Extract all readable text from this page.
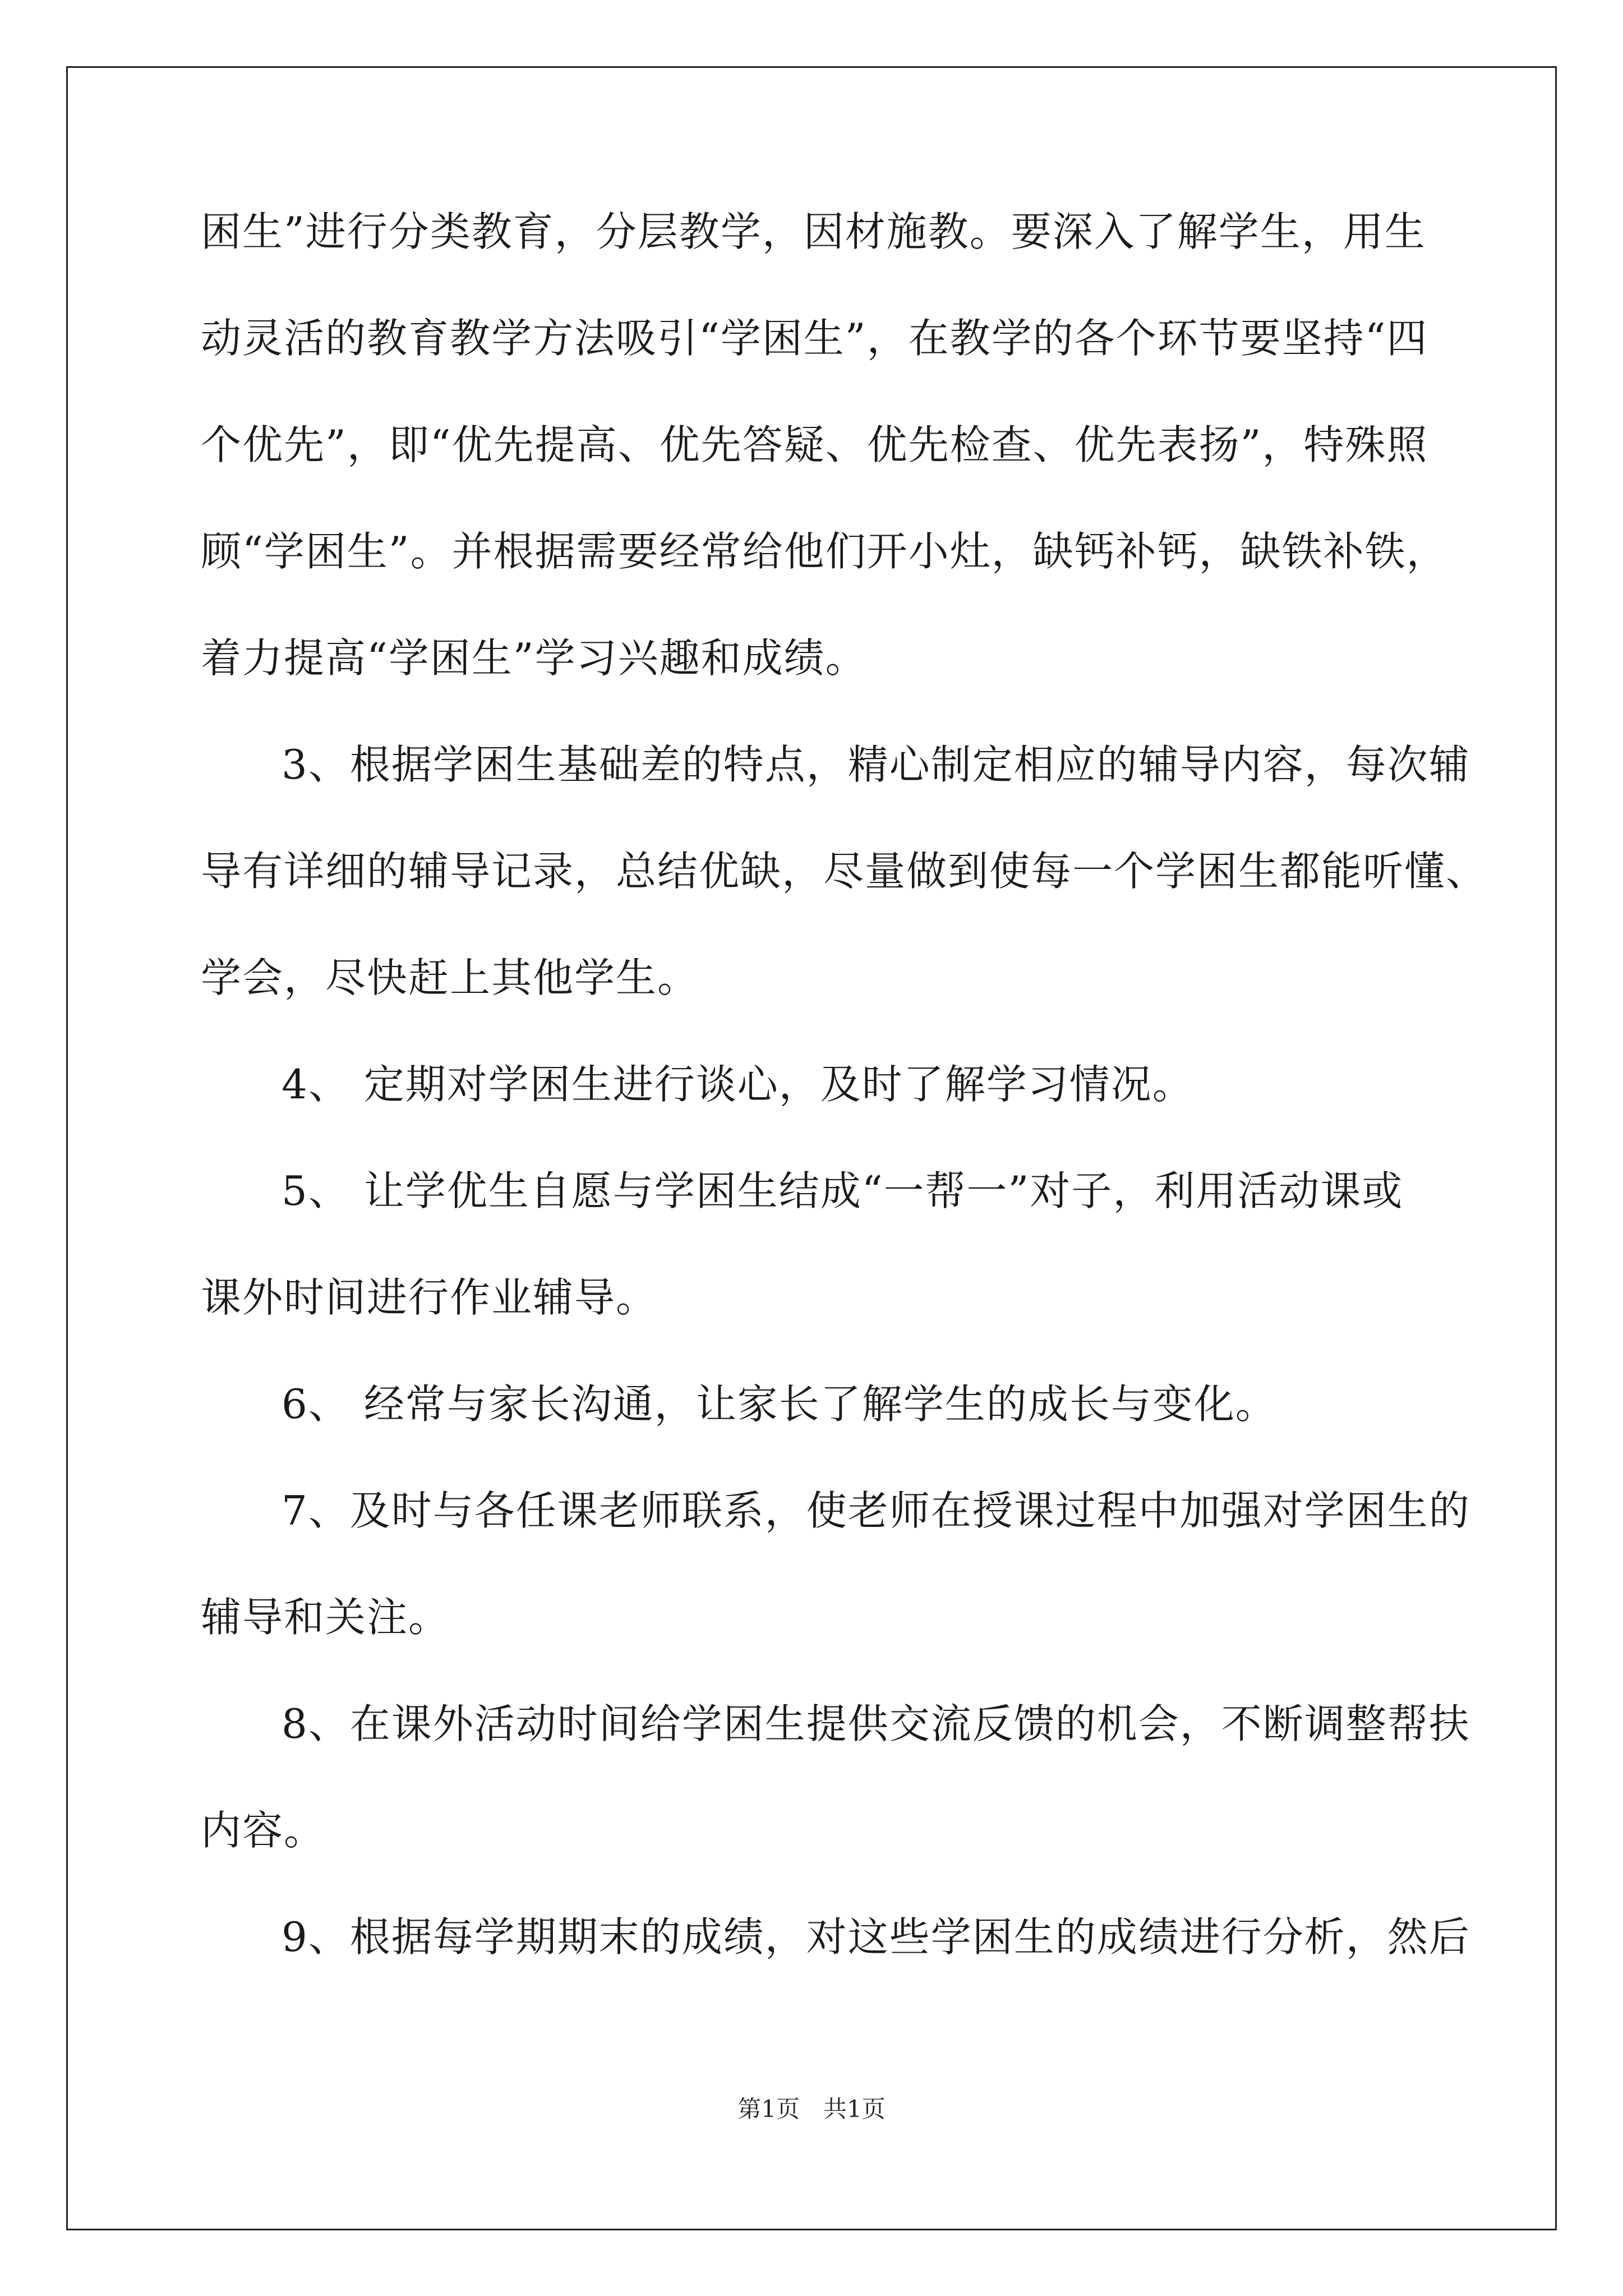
困生”进行分类教育，分层教学，因材施教。要深入了解学生，用生
动灵活的教育教学方法吸引“学困生”，在教学的各个环节要坚持“四
个优先”，即“优先提高、优先答疑、优先检查、优先表扬”，特殊照
顾“学困生”。并根据需要经常给他们开小灶，缺钙补钙，缺铁补铁，
着力提高“学困生”学习兴趣和成绩。
3、根据学困生基础差的特点，精心制定相应的辅导内容，每次辅
导有详细的辅导记录，总结优缺，尽量做到使每一个学困生都能听懂、
学会，尽快赶上其他学生。
4、 定期对学困生进行谈心，及时了解学习情况。
5、 让学优生自愿与学困生结成“一帮一”对子，利用活动课或
课外时间进行作业辅导。
6、 经常与家长沟通，让家长了解学生的成长与变化。
7、及时与各任课老师联系，使老师在授课过程中加强对学困生的
辅导和关注。
8、在课外活动时间给学困生提供交流反馈的机会，不断调整帮扶
内容。
9、根据每学期期末的成绩，对这些学困生的成绩进行分析，然后
第1页　共1页
